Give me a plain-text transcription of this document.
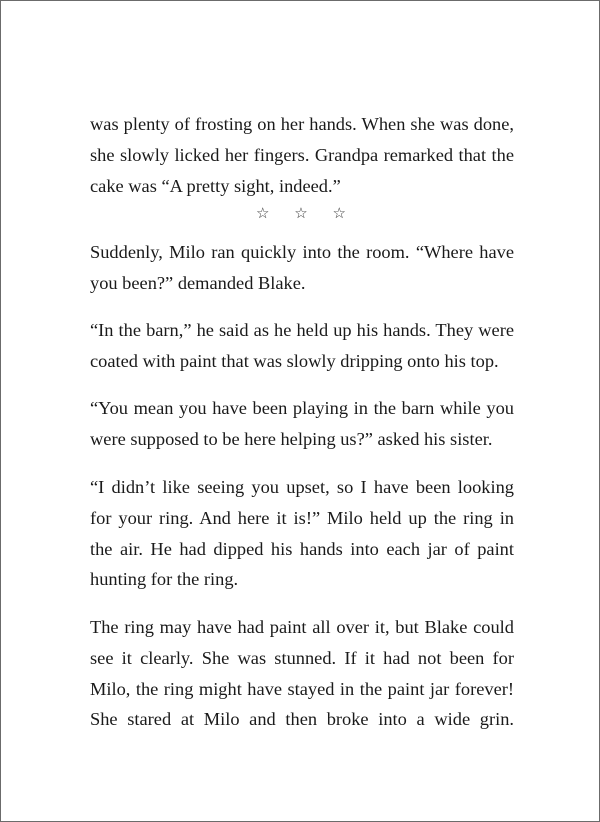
was plenty of frosting on her hands. When she was done,
she slowly licked her fingers. Grandpa remarked that the
cake was “A pretty sight, indeed.”
☆ ☆ ☆
Suddenly, Milo ran quickly into the room. “Where have
you been?” demanded Blake.
“In the barn,” he said as he held up his hands. They were
coated with paint that was slowly dripping onto his top.
“You mean you have been playing in the barn while you
were supposed to be here helping us?” asked his sister.
“I didn’t like seeing you upset, so I have been looking
for your ring. And here it is!” Milo held up the ring in
the air. He had dipped his hands into each jar of paint
hunting for the ring.
The ring may have had paint all over it, but Blake could
see it clearly. She was stunned. If it had not been for
Milo, the ring might have stayed in the paint jar forever!
She stared at Milo and then broke into a wide grin.
